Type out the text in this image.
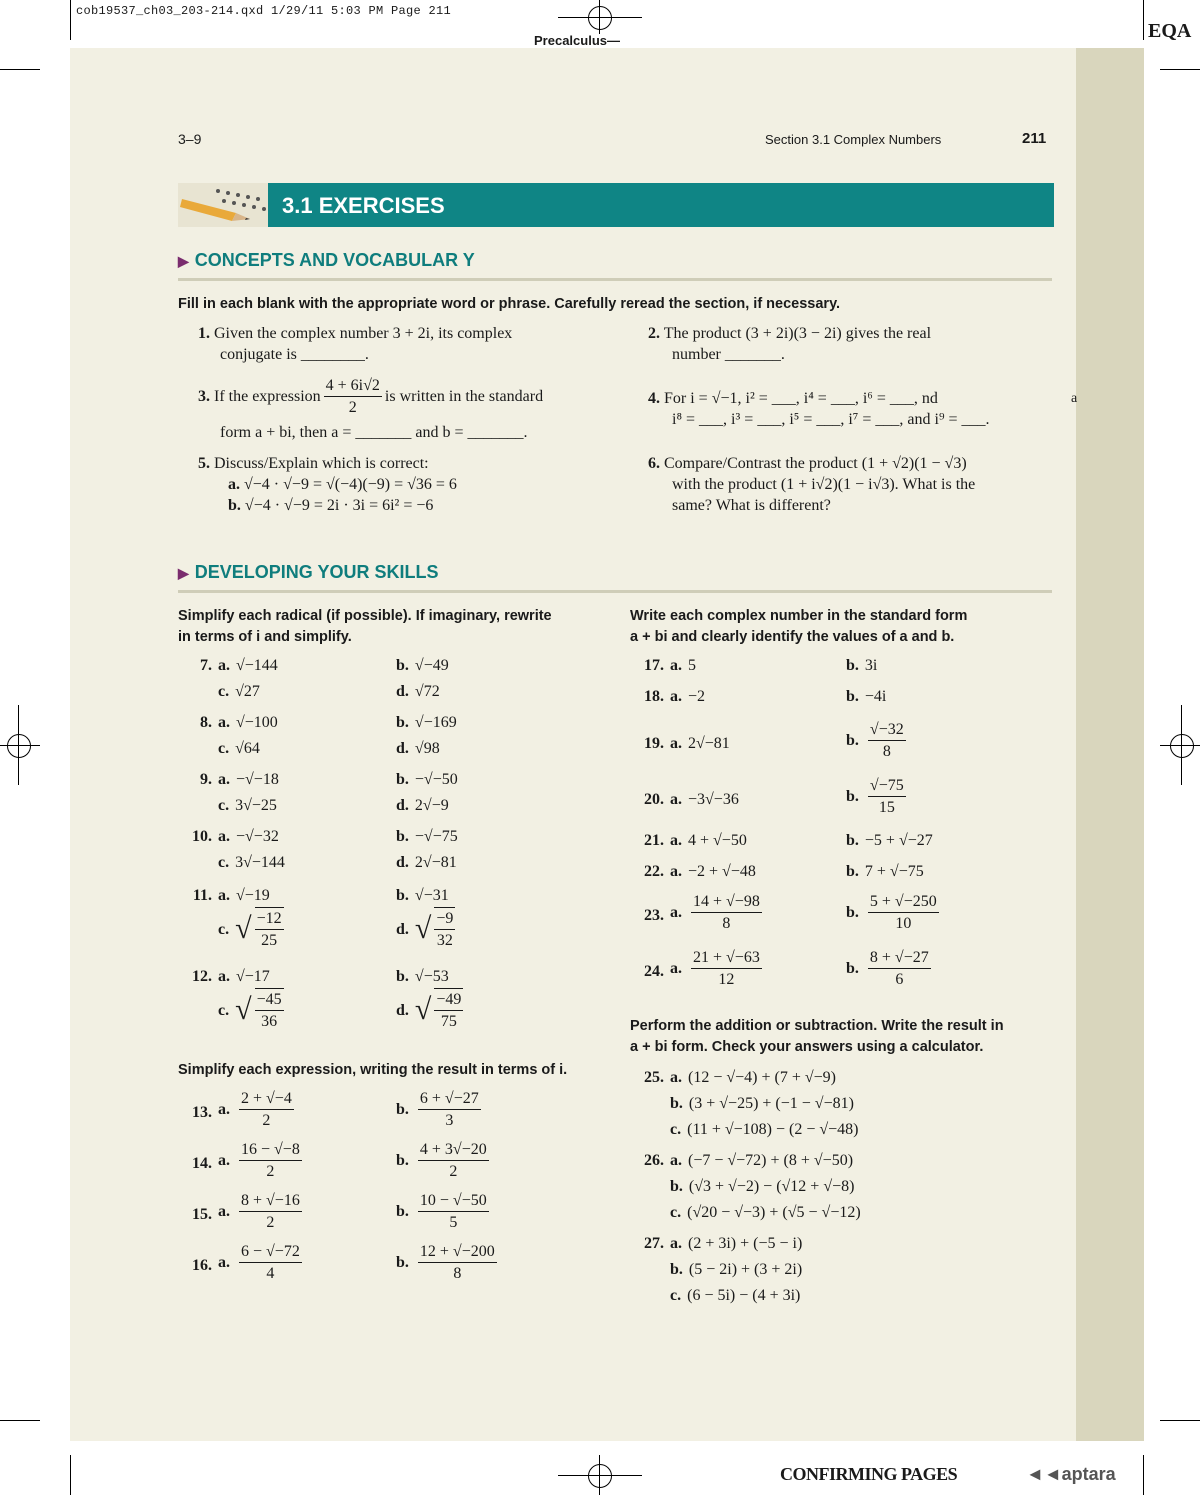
cob19537_ch03_203-214.qxd 1/29/11 5:03 PM Page 211
Precalculus—	EQA
3–9	Section 3.1 Complex Numbers	211
3.1 EXERCISES
▶ CONCEPTS AND VOCABULAR Y
Fill in each blank with the appropriate word or phrase. Carefully reread the section, if necessary.
1. Given the complex number 3 + 2i, its complex
conjugate is ________.
2. The product (3 + 2i)(3 − 2i) gives the real
number _______.
3.
If the expression $\frac{4 + 6i√2}{2}$ is written in the standard
form a + bi, then a = _______ and b = _______.
4. For i = √−1, i² = ___, i⁴ = ___, i⁶ = ___, nd
i⁸ = ___, i³ = ___, i⁵ = ___, i⁷ = ___, and i⁹ = ___.
a
5. Discuss/Explain which is correct:
a. √−4 · √−9 = √(−4)(−9) = √36 = 6
b. √−4 · √−9 = 2i · 3i = 6i² = −6
6. Compare/Contrast the product (1 + √2)(1 − √3)
with the product (1 + i√2)(1 − i√3). What is the
same? What is different?
▶ DEVELOPING YOUR SKILLS
Simplify each radical (if possible). If imaginary, rewrite
in terms of i and simplify.
Write each complex number in the standard form
a + bi and clearly identify the values of a and b.
7. a. √−144	b. √−49
c. √27	d. √72
8. a. √−100	b. √−169
c. √64	d. √98
9. a. −√−18	b. −√−50
c. 3√−25	d. 2√−9
10. a. −√−32	b. −√−75
c. 3√−144	d. 2√−81
11. a. √−19	b. √−31
c. √ $\frac{-12}{25}$	d. √ $\frac{-9}{32}$
12. a. √−17	b. √−53
c. √ $\frac{-45}{36}$	d. √ $\frac{-49}{75}$
Simplify each expression, writing the result in terms of i.
13. a. $\frac{2 + √-4}{2}$	b. $\frac{6 + √-27}{3}$
14. a. $\frac{16 - √-8}{2}$	b. $\frac{4 + 3√-20}{2}$
15. a. $\frac{8 + √-16}{2}$	b. $\frac{10 - √-50}{5}$
16. a. $\frac{6 - √-72}{4}$	b. $\frac{12 + √-200}{8}$
17. a. 5	b. 3i
18. a. −2	b. −4i
19. a. 2√−81	b. $\frac{√-32}{8}$
20. a. −3√−36	b. $\frac{√-75}{15}$
21. a. 4 + √−50	b. −5 + √−27
22. a. −2 + √−48	b. 7 + √−75
23. a. $\frac{14 + √-98}{8}$	b. $\frac{5 + √-250}{10}$
24. a. $\frac{21 + √-63}{12}$	b. $\frac{8 + √-27}{6}$
Perform the addition or subtraction. Write the result in
a + bi form. Check your answers using a calculator.
25. a. (12 − √−4) + (7 + √−9)
b. (3 + √−25) + (−1 − √−81)
c. (11 + √−108) − (2 − √−48)
26. a. (−7 − √−72) + (8 + √−50)
b. (√3 + √−2) − (√12 + √−8)
c. (√20 − √−3) + (√5 − √−12)
27. a. (2 + 3i) + (−5 − i)
b. (5 − 2i) + (3 + 2i)
c. (6 − 5i) − (4 + 3i)
CONFIRMING PAGES	◄◄aptara
